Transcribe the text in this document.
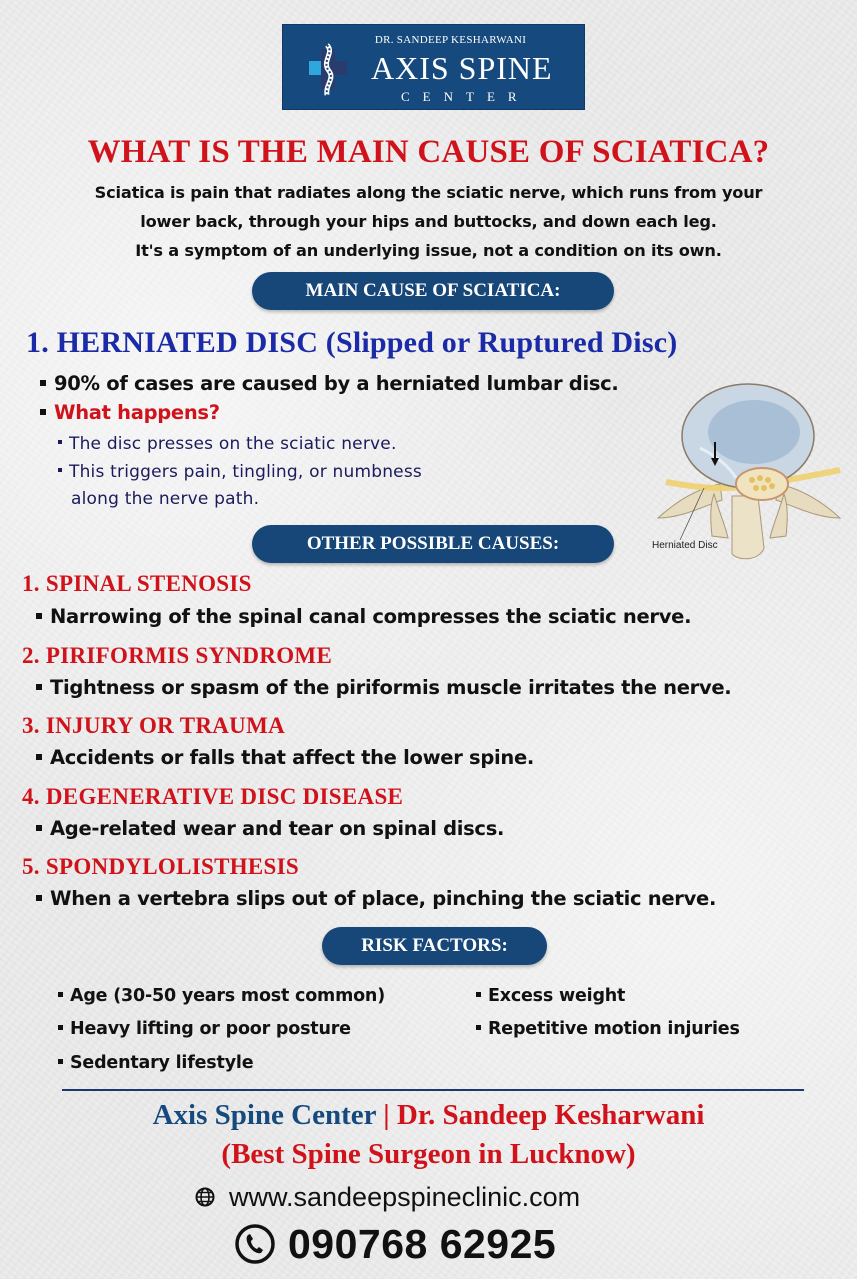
DR. SANDEEP KESHARWANI
AXIS SPINE
CENTER
WHAT IS THE MAIN CAUSE OF SCIATICA?
Sciatica is pain that radiates along the sciatic nerve, which runs from your
lower back, through your hips and buttocks, and down each leg.
It's a symptom of an underlying issue, not a condition on its own.
MAIN CAUSE OF SCIATICA:
1. HERNIATED DISC (Slipped or Ruptured Disc)
90% of cases are caused by a herniated lumbar disc.
What happens?
The disc presses on the sciatic nerve.
This triggers pain, tingling, or numbness
along the nerve path.
Herniated Disc
OTHER POSSIBLE CAUSES:
1. SPINAL STENOSIS
Narrowing of the spinal canal compresses the sciatic nerve.
2. PIRIFORMIS SYNDROME
Tightness or spasm of the piriformis muscle irritates the nerve.
3. INJURY OR TRAUMA
Accidents or falls that affect the lower spine.
4. DEGENERATIVE DISC DISEASE
Age-related wear and tear on spinal discs.
5. SPONDYLOLISTHESIS
When a vertebra slips out of place, pinching the sciatic nerve.
RISK FACTORS:
Age (30-50 years most common)
Heavy lifting or poor posture
Sedentary lifestyle
Excess weight
Repetitive motion injuries
Axis Spine Center | Dr. Sandeep Kesharwani
(Best Spine Surgeon in Lucknow)
www.sandeepspineclinic.com
090768 62925
